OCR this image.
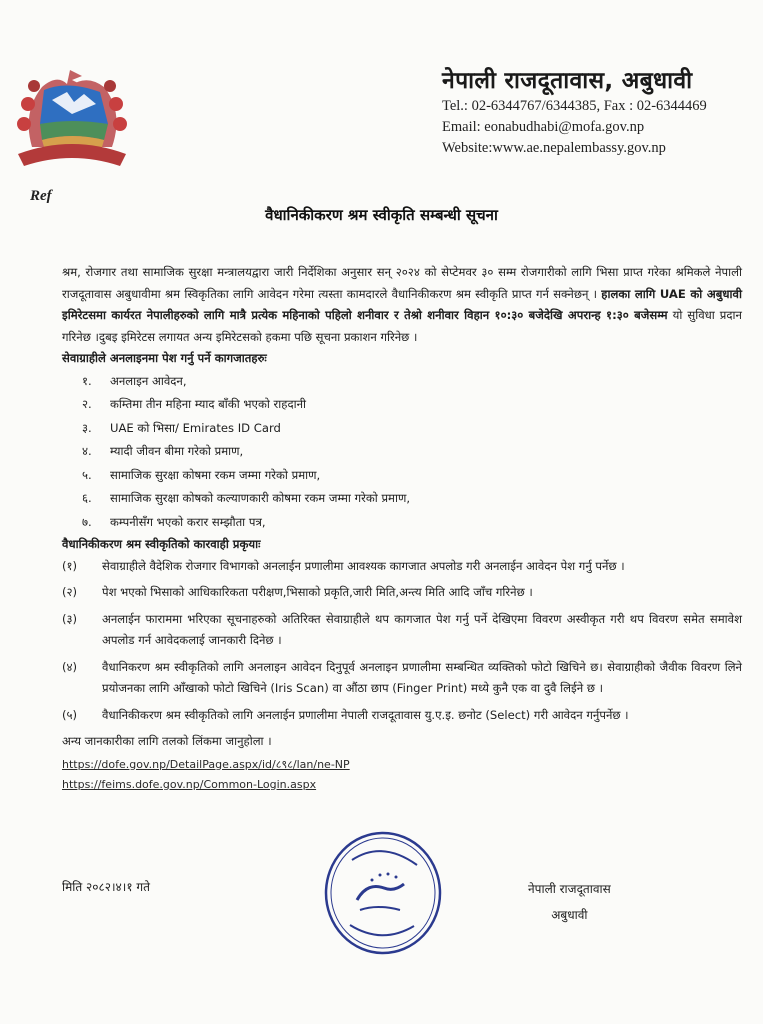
Ref
नेपाली राजदूतावास, अबुधावी
Tel.: 02-6344767/6344385, Fax : 02-6344469
Email: eonabudhabi@mofa.gov.np
Website:www.ae.nepalembassy.gov.np
वैधानिकीकरण श्रम स्वीकृति सम्बन्धी सूचना

श्रम, रोजगार तथा सामाजिक सुरक्षा मन्त्रालयद्वारा जारी निर्देशिका अनुसार सन् २०२४ को सेप्टेमवर ३० सम्म रोजगारीको लागि भिसा प्राप्त गरेका श्रमिकले नेपाली राजदूतावास अबुधावीमा श्रम स्विकृतिका लागि आवेदन गरेमा त्यस्ता कामदारले वैधानिकीकरण श्रम स्वीकृति प्राप्त गर्न सक्नेछन् । हालका लागि UAE को अबुधावी इमिरेटसमा कार्यरत नेपालीहरुको लागि मात्रै प्रत्येक महिनाको पहिलो शनीवार र तेश्रो शनीवार विहान १०:३० बजेदेखि अपरान्ह १:३० बजेसम्म यो सुविधा प्रदान गरिनेछ ।दुबइ इमिरेटस लगायत अन्य इमिरेटसको हकमा पछि सूचना प्रकाशन गरिनेछ ।

सेवाग्राहीले अनलाइनमा पेश गर्नु पर्ने कागजातहरुः

१.	अनलाइन आवेदन,
२.	कम्तिमा तीन महिना म्याद बाँकी भएको राहदानी
३.	UAE को भिसा/ Emirates ID Card
४.	म्यादी जीवन बीमा गरेको प्रमाण,
५.	सामाजिक सुरक्षा कोषमा रकम जम्मा गरेको प्रमाण,
६.	सामाजिक सुरक्षा कोषको कल्याणकारी कोषमा रकम जम्मा गरेको प्रमाण,
७.	कम्पनीसँग भएको करार सम्झौता पत्र,

वैधानिकीकरण श्रम स्वीकृतिको कारवाही प्रकृयाः

(१)	सेवाग्राहीले वैदेशिक रोजगार विभागको अनलाईन प्रणालीमा आवश्यक कागजात अपलोड गरी अनलाईन आवेदन पेश गर्नु पर्नेछ ।
(२)	पेश भएको भिसाको आधिकारिकता परीक्षण,भिसाको प्रकृति,जारी मिति,अन्त्य मिति आदि जाँच गरिनेछ ।
(३)	अनलाईन फाराममा भरिएका सूचनाहरुको अतिरिक्त सेवाग्राहीले थप कागजात पेश गर्नु पर्ने देखिएमा विवरण अस्वीकृत गरी थप विवरण समेत समावेश अपलोड गर्न आवेदकलाई जानकारी दिनेछ ।
(४)	वैधानिकरण श्रम स्वीकृतिको लागि अनलाइन आवेदन दिनुपूर्व अनलाइन प्रणालीमा सम्बन्धित व्यक्तिको फोटो खिचिने छ। सेवाग्राहीको जैवीक विवरण लिने प्रयोजनका लागि आँखाको फोटो खिचिने (Iris Scan) वा औंठा छाप (Finger Print) मध्ये कुनै एक वा दुवै लिईने छ ।
(५)	वैधानिकीकरण श्रम स्वीकृतिको लागि अनलाईन प्रणालीमा नेपाली राजदूतावास यु.ए.इ. छनोट (Select) गरी आवेदन गर्नुपर्नेछ ।

अन्य जानकारीका लागि तलको लिंकमा जानुहोला ।

https://dofe.gov.np/DetailPage.aspx/id/८९८/lan/ne-NP
https://feims.dofe.gov.np/Common-Login.aspx
मिति २०८२।४।१ गते	नेपाली राजदूतावास
अबुधावी
